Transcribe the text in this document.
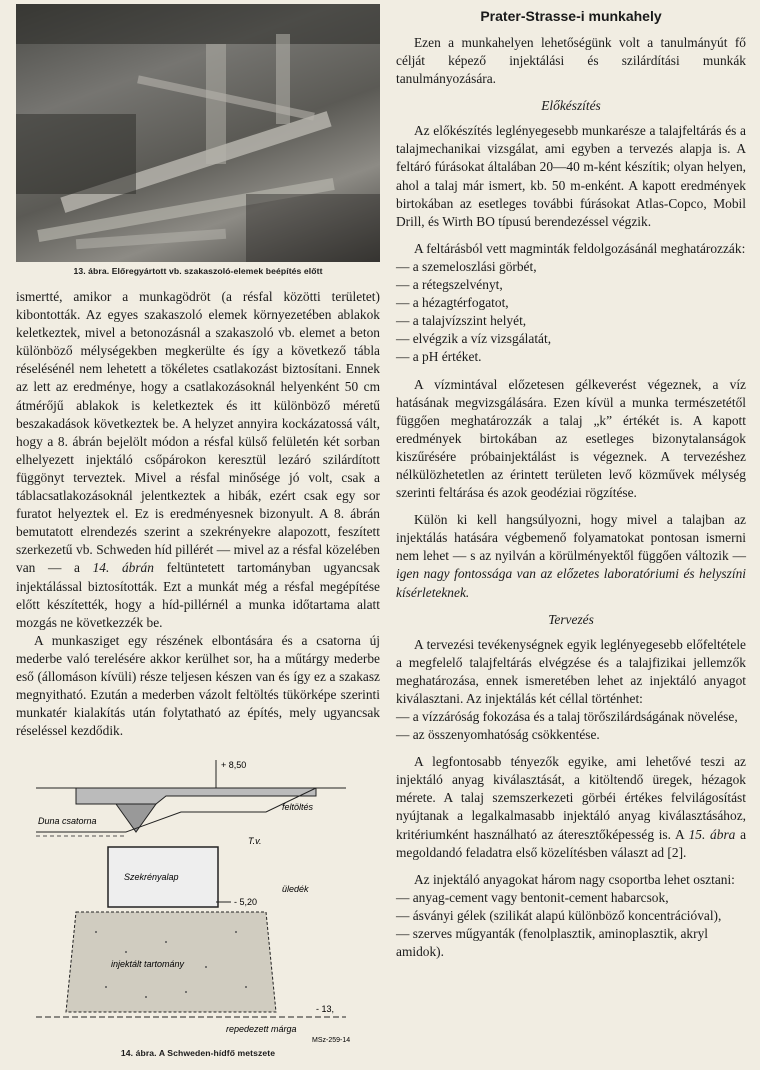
13. ábra. Előregyártott vb. szakaszoló-elemek beépítés előtt

ismertté, amikor a munkagödröt (a résfal közötti területet) kibontották. Az egyes szakaszoló elemek környezetében ablakok keletkeztek, mivel a betonozásnál a szakaszoló vb. elemet a beton különböző mélységekben megkerülte és így a következő tábla réselésénél nem lehetett a tökéletes csatlakozást biztosítani. Ennek az lett az eredménye, hogy a csatlakozásoknál helyenként 50 cm átmérőjű ablakok is keletkeztek és itt különböző méretű beszakadások következtek be. A helyzet annyira kockázatossá vált, hogy a 8. ábrán bejelölt módon a résfal külső felületén két sorban elhelyezett injektáló csőpárokon keresztül lezáró szilárdított függönyt terveztek. Mivel a résfal minősége jó volt, csak a táblacsatlakozásoknál jelentkeztek a hibák, ezért csak egy sor furatot helyeztek el. Ez is eredményesnek bizonyult. A 8. ábrán bemutatott elrendezés szerint a szekrényekre alapozott, feszített szerkezetű vb. Schweden híd pillérét — mivel az a résfal közelében van — a 14. ábrán feltüntetett tartományban ugyancsak injektálással biztosították. Ezt a munkát még a résfal megépítése előtt készítették, hogy a híd-pillérnél a munka időtartama alatt mozgás ne következzék be.

A munkasziget egy részének elbontására és a csatorna új mederbe való terelésére akkor kerülhet sor, ha a műtárgy mederbe eső (állomáson kívüli) része teljesen készen van és így ez a szakasz megnyitható. Ezután a mederben vázolt feltöltés tükörképe szerinti munkatér kialakítás után folytatható az építés, mely ugyancsak réseléssel kezdődik.

+ 8,50
feltöltés
Duna csatorna
T.v.
Szekrényalap
- 5,20
üledék
injektált tartomány
- 13,
repedezett márga
MSz-259-14
14. ábra. A Schweden-hídfő metszete
Prater-Strasse-i munkahely

Ezen a munkahelyen lehetőségünk volt a tanulmányút fő célját képező injektálási és szilárdítási munkák tanulmányozására.

Előkészítés

Az előkészítés leglényegesebb munkarésze a talajfeltárás és a talajmechanikai vizsgálat, ami egyben a tervezés alapja is. A feltáró fúrásokat általában 20—40 m-ként készítik; olyan helyen, ahol a talaj már ismert, kb. 50 m-enként. A kapott eredmények birtokában az esetleges további fúrásokat Atlas-Copco, Mobil Drill, és Wirth BO típusú berendezéssel végzik.

A feltárásból vett magminták feldolgozásánál meghatározzák:

— a szemeloszlási görbét,
— a rétegszelvényt,
— a hézagtérfogatot,
— a talajvízszint helyét,
— elvégzik a víz vizsgálatát,
— a pH értéket.

A vízmintával előzetesen gélkeverést végeznek, a víz hatásának megvizsgálására. Ezen kívül a munka természetétől függően meghatározzák a talaj „k” értékét is. A kapott eredmények birtokában az esetleges bizonytalanságok kiszűrésére próbainjektálást is végeznek. A tervezéshez nélkülözhetetlen az érintett területen levő közművek mélység szerinti feltárása és azok geodéziai rögzítése.

Külön ki kell hangsúlyozni, hogy mivel a talajban az injektálás hatására végbemenő folyamatokat pontosan ismerni nem lehet — s az nyilván a körülményektől függően változik — igen nagy fontossága van az előzetes laboratóriumi és helyszíni kísérleteknek.

Tervezés

A tervezési tevékenységnek egyik leglényegesebb előfeltétele a megfelelő talajfeltárás elvégzése és a talajfizikai jellemzők meghatározása, ennek ismeretében lehet az injektáló anyagot kiválasztani. Az injektálás két céllal történhet:

— a vízzáróság fokozása és a talaj törőszilárdságának növelése,
— az összenyomhatóság csökkentése.

A legfontosabb tényezők egyike, ami lehetővé teszi az injektáló anyag kiválasztását, a kitöltendő üregek, hézagok mérete. A talaj szemszerkezeti görbéi értékes felvilágosítást nyújtanak a legalkalmasabb injektáló anyag kiválasztásához, kritériumként használható az áteresztőképesség is. A 15. ábra a megoldandó feladatra első közelítésben választ ad [2].

Az injektáló anyagokat három nagy csoportba lehet osztani:

— anyag-cement vagy bentonit-cement habarcsok,
— ásványi gélek (szilikát alapú különböző koncentrációval),
— szerves műgyanták (fenolplasztik, aminoplasztik, akryl amidok).
